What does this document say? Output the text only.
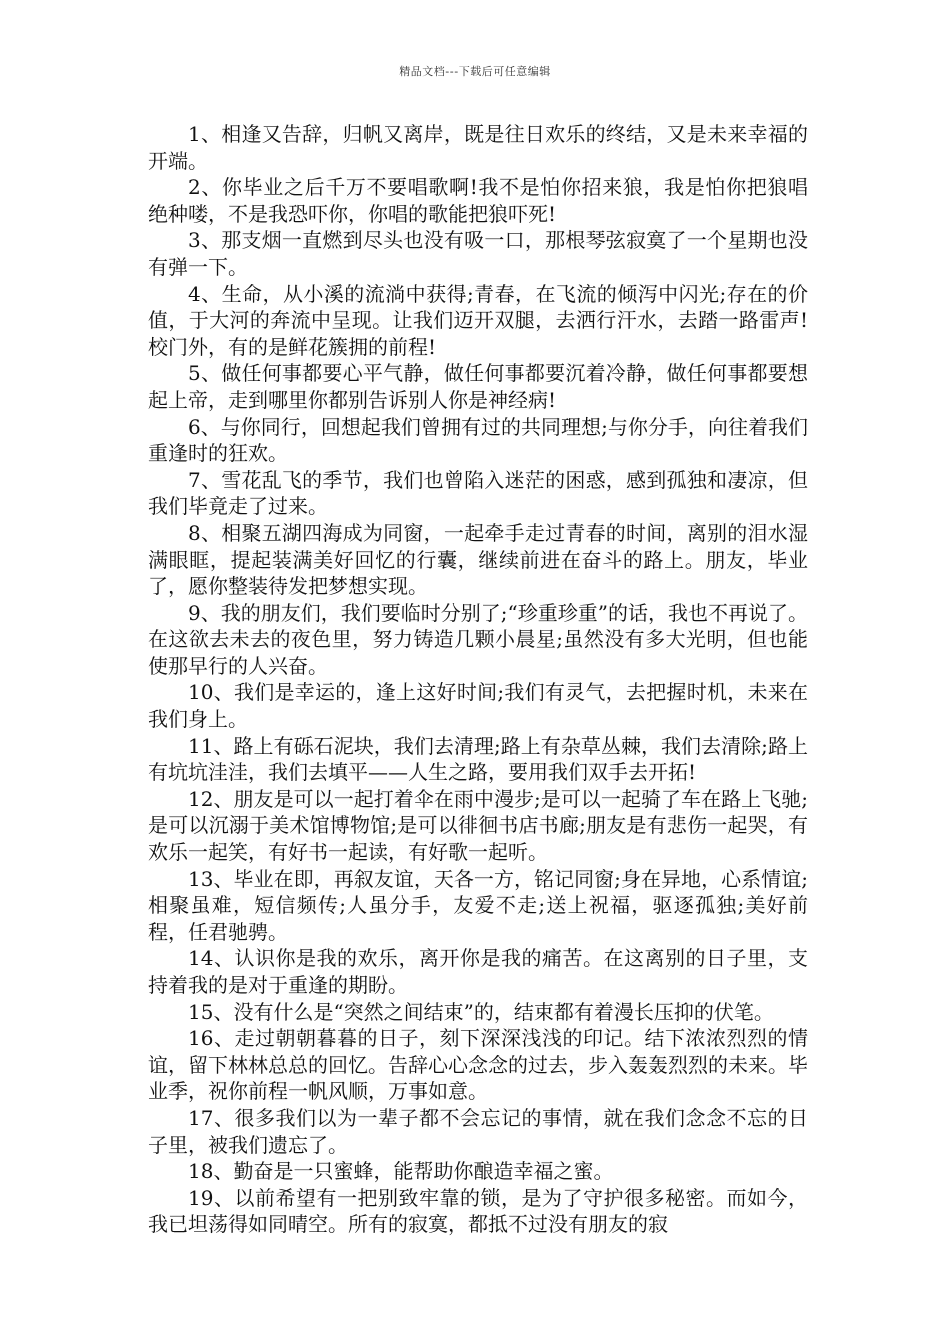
精品文档---下载后可任意编辑

1、相逢又告辞，归帆又离岸，既是往日欢乐的终结，又是未来幸福的开端。

2、你毕业之后千万不要唱歌啊!我不是怕你招来狼，我是怕你把狼唱绝种喽，不是我恐吓你，你唱的歌能把狼吓死!

3、那支烟一直燃到尽头也没有吸一口，那根琴弦寂寞了一个星期也没有弹一下。

4、生命，从小溪的流淌中获得;青春，在飞流的倾泻中闪光;存在的价值，于大河的奔流中呈现。让我们迈开双腿，去洒行汗水，去踏一路雷声!校门外，有的是鲜花簇拥的前程!

5、做任何事都要心平气静，做任何事都要沉着冷静，做任何事都要想起上帝，走到哪里你都别告诉别人你是神经病!

6、与你同行，回想起我们曾拥有过的共同理想;与你分手，向往着我们重逢时的狂欢。

7、雪花乱飞的季节，我们也曾陷入迷茫的困惑，感到孤独和凄凉，但我们毕竟走了过来。

8、相聚五湖四海成为同窗，一起牵手走过青春的时间，离别的泪水湿满眼眶，提起装满美好回忆的行囊，继续前进在奋斗的路上。朋友，毕业了，愿你整装待发把梦想实现。

9、我的朋友们，我们要临时分别了;“珍重珍重”的话，我也不再说了。在这欲去未去的夜色里，努力铸造几颗小晨星;虽然没有多大光明，但也能使那早行的人兴奋。

10、我们是幸运的，逢上这好时间;我们有灵气，去把握时机，未来在我们身上。

11、路上有砾石泥块，我们去清理;路上有杂草丛棘，我们去清除;路上有坑坑洼洼，我们去填平——人生之路，要用我们双手去开拓!

12、朋友是可以一起打着伞在雨中漫步;是可以一起骑了车在路上飞驰;是可以沉溺于美术馆博物馆;是可以徘徊书店书廊;朋友是有悲伤一起哭，有欢乐一起笑，有好书一起读，有好歌一起听。

13、毕业在即，再叙友谊，天各一方，铭记同窗;身在异地，心系情谊;相聚虽难，短信频传;人虽分手，友爱不走;送上祝福，驱逐孤独;美好前程，任君驰骋。

14、认识你是我的欢乐，离开你是我的痛苦。在这离别的日子里，支持着我的是对于重逢的期盼。

15、没有什么是“突然之间结束”的，结束都有着漫长压抑的伏笔。

16、走过朝朝暮暮的日子，刻下深深浅浅的印记。结下浓浓烈烈的情谊，留下林林总总的回忆。告辞心心念念的过去，步入轰轰烈烈的未来。毕业季，祝你前程一帆风顺，万事如意。

17、很多我们以为一辈子都不会忘记的事情，就在我们念念不忘的日子里，被我们遗忘了。

18、勤奋是一只蜜蜂，能帮助你酿造幸福之蜜。

19、以前希望有一把别致牢靠的锁，是为了守护很多秘密。而如今，我已坦荡得如同晴空。所有的寂寞，都抵不过没有朋友的寂
